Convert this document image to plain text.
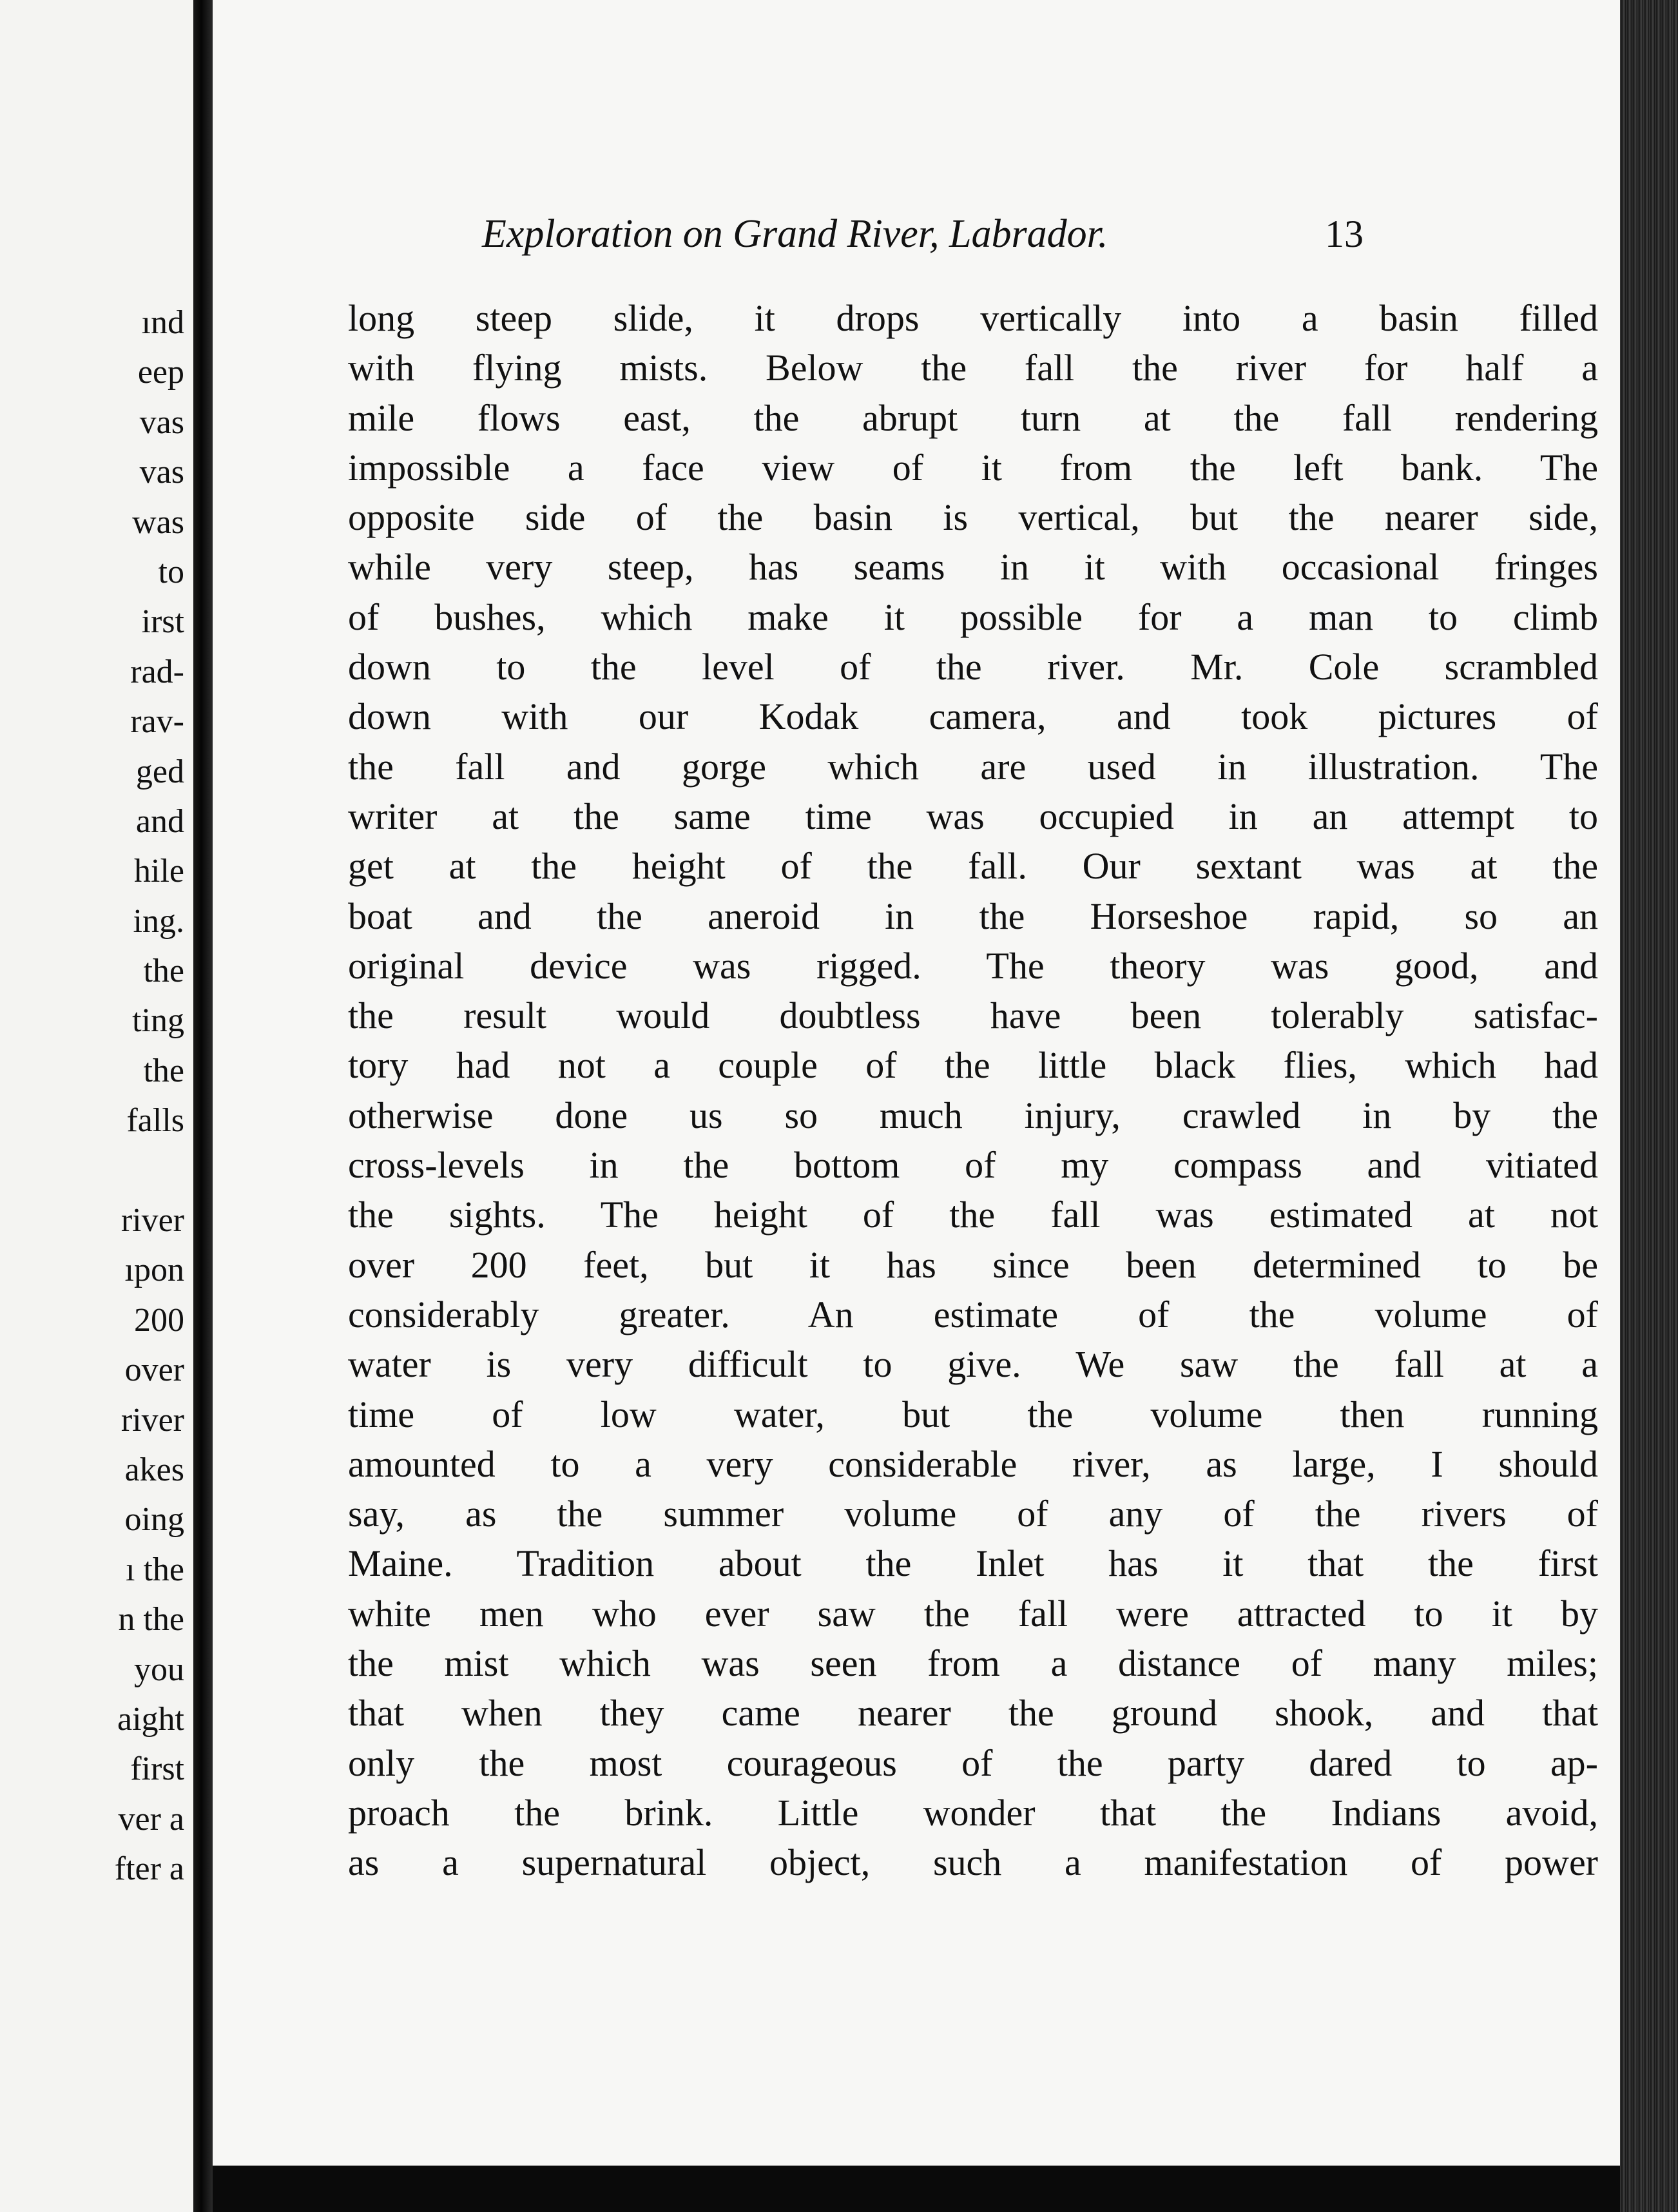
ınd
eep
vas
vas
was
to
irst
rad-
rav-
ged
and
hile
ing.
the
ting
the
falls
river
ıpon
200
over
river
akes
oing
ı the
n the
you
aight
first
ver a
fter a
Exploration on Grand River, Labrador.	13
long steep slide, it drops vertically into a basin filled
with flying mists. Below the fall the river for half a
mile flows east, the abrupt turn at the fall rendering
impossible a face view of it from the left bank. The
opposite side of the basin is vertical, but the nearer side,
while very steep, has seams in it with occasional fringes
of bushes, which make it possible for a man to climb
down to the level of the river. Mr. Cole scrambled
down with our Kodak camera, and took pictures of
the fall and gorge which are used in illustration. The
writer at the same time was occupied in an attempt to
get at the height of the fall. Our sextant was at the
boat and the aneroid in the Horseshoe rapid, so an
original device was rigged. The theory was good, and
the result would doubtless have been tolerably satisfac-
tory had not a couple of the little black flies, which had
otherwise done us so much injury, crawled in by the
cross-levels in the bottom of my compass and vitiated
the sights. The height of the fall was estimated at not
over 200 feet, but it has since been determined to be
considerably greater. An estimate of the volume of
water is very difficult to give. We saw the fall at a
time of low water, but the volume then running
amounted to a very considerable river, as large, I should
say, as the summer volume of any of the rivers of
Maine. Tradition about the Inlet has it that the first
white men who ever saw the fall were attracted to it by
the mist which was seen from a distance of many miles;
that when they came nearer the ground shook, and that
only the most courageous of the party dared to ap-
proach the brink. Little wonder that the Indians avoid,
as a supernatural object, such a manifestation of power
